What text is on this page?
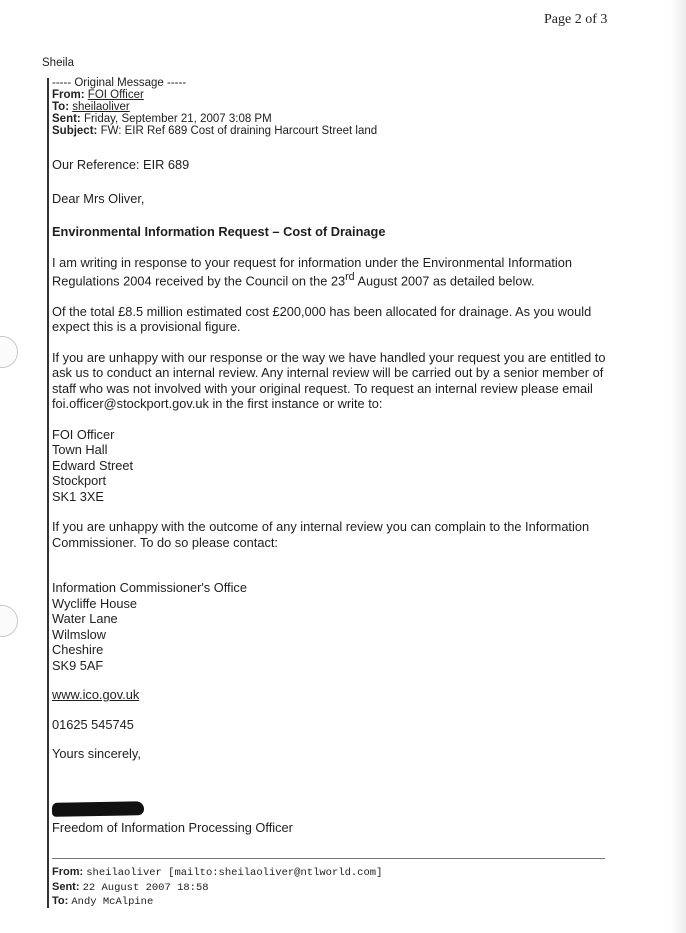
Page 2 of 3
Sheila
----- Original Message -----
From: FOI Officer
To: sheilaoliver
Sent: Friday, September 21, 2007 3:08 PM
Subject: FW: EIR Ref 689 Cost of draining Harcourt Street land

Our Reference: EIR 689

Dear Mrs Oliver,

Environmental Information Request – Cost of Drainage

I am writing in response to your request for information under the Environmental Information Regulations 2004 received by the Council on the 23rd August 2007 as detailed below.

Of the total £8.5 million estimated cost £200,000 has been allocated for drainage. As you would expect this is a provisional figure.

If you are unhappy with our response or the way we have handled your request you are entitled to ask us to conduct an internal review. Any internal review will be carried out by a senior member of staff who was not involved with your original request. To request an internal review please email foi.officer@stockport.gov.uk in the first instance or write to:

FOI Officer
Town Hall
Edward Street
Stockport
SK1 3XE

If you are unhappy with the outcome of any internal review you can complain to the Information Commissioner. To do so please contact:

Information Commissioner's Office
Wycliffe House
Water Lane
Wilmslow
Cheshire
SK9 5AF

www.ico.gov.uk

01625 545745

Yours sincerely,

Freedom of Information Processing Officer

From: sheilaoliver [mailto:sheilaoliver@ntlworld.com]
Sent: 22 August 2007 18:58
To: Andy McAlpine
